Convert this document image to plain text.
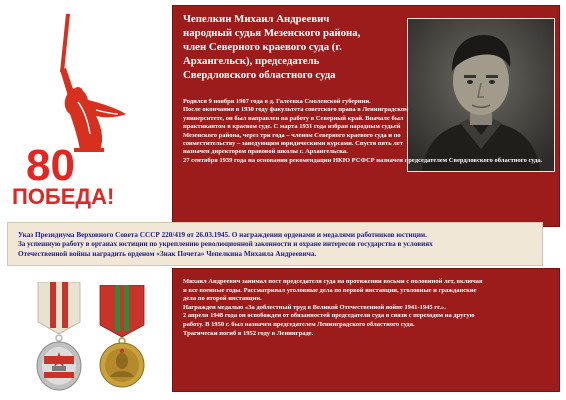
80
ПОБЕДА!
Чепелкин Михаил Андреевич
народный судья Мезенского района,
член Северного краевого суда (г.
Архангельск), председатель
Свердловского областного суда

Родился 9 ноября 1907 года в д. Галеевка Смоленской губернии.

После окончания в 1930 году факультета советского права в Ленинградском университете, он был направлен на работу в Северный край. Вначале был практикантом в краевом суде. С марта 1931 года избран народным судьей Мезенского района, через три года – членом Северного краевого суда и по совместительству – заведующим юридическими курсами. Спустя пять лет назначен директором правовой школы г. Архангельска.

27 сентября 1939 года на основании рекомендации НКЮ РСФСР назначен председателем Свердловского областного суда.

Указ Президиума Верховного Совета СССР 220/419 от 26.03.1945. О награждении орденами и медалями работников юстиции.

За успешную работу в органах юстиции по укреплению революционной законности и охране интересов государства в условиях

Отечественной войны наградить орденом «Знак Почета» Чепелкина Михаила Андреевича.

Михаил Андреевич занимал пост председателя суда на протяжении восьми с половиной лет, включая

и все военные годы. Рассматривал уголовные дела по первой инстанции, уголовные и гражданские

дела по второй инстанции.

Награжден медалью «За доблестный труд в Великой Отечественной войне 1941-1945 гг.».

2 апреля 1948 года он освобожден от обязанностей председателя суда в связи с переходом на другую

работу. В 1950 г. был назначен председателем Ленинградского областного суда.

Трагически погиб в 1952 году в Ленинграде.
